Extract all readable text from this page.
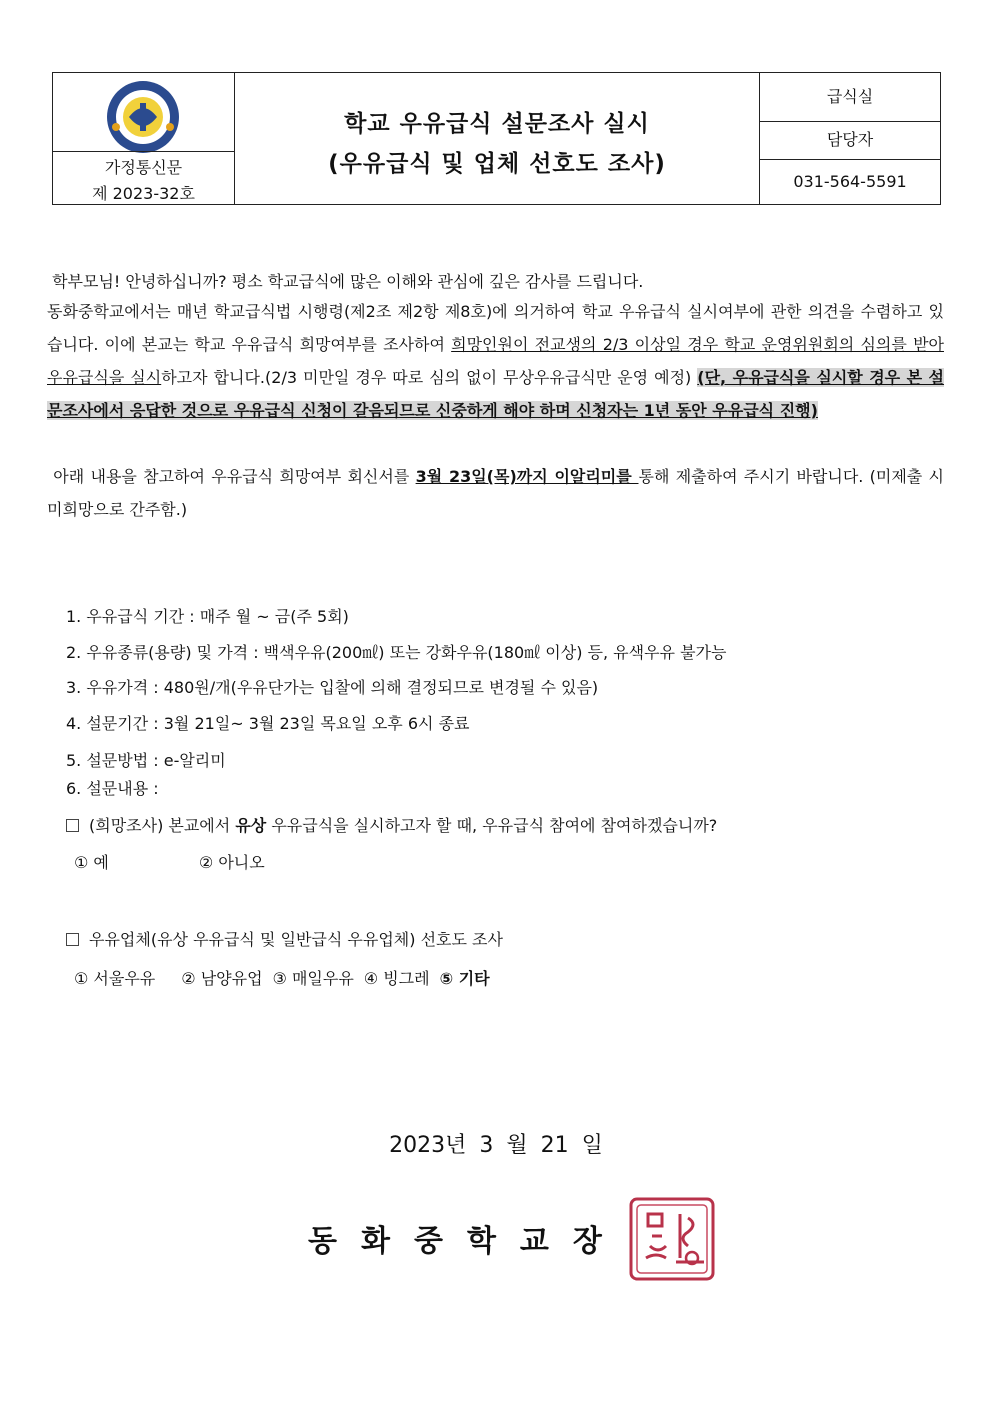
가정통신문
제 2023-32호
학교 우유급식 설문조사 실시
(우유급식 및 업체 선호도 조사)
급식실
담당자
031-564-5591
학부모님! 안녕하십니까? 평소 학교급식에 많은 이해와 관심에 깊은 감사를 드립니다.
동화중학교에서는 매년 학교급식법 시행령(제2조 제2항 제8호)에 의거하여 학교 우유급식 실시여부에 관한 의견을 수렴하고 있습니다. 이에 본교는 학교 우유급식 희망여부를 조사하여 희망인원이 전교생의 2/3 이상일 경우 학교 운영위원회의 심의를 받아 우유급식을 실시하고자 합니다.(2/3 미만일 경우 따로 심의 없이 무상우유급식만 운영 예정) (단, 우유급식을 실시할 경우 본 설문조사에서 응답한 것으로 우유급식 신청이 갈음되므로 신중하게 해야 하며 신청자는 1년 동안 우유급식 진행)
아래 내용을 참고하여 우유급식 희망여부 회신서를 3월 23일(목)까지 이알리미를 통해 제출하여 주시기 바랍니다. (미제출 시 미희망으로 간주함.)
1. 우유급식 기간 : 매주 월 ~ 금(주 5회)
2. 우유종류(용량) 및 가격 : 백색우유(200㎖) 또는 강화우유(180㎖ 이상) 등, 유색우유 불가능
3. 우유가격 : 480원/개(우유단가는 입찰에 의해 결정되므로 변경될 수 있음)
4. 설문기간 : 3월 21일~ 3월 23일 목요일 오후 6시 종료
5. 설문방법 : e-알리미
6. 설문내용 :
(희망조사) 본교에서 유상 우유급식을 실시하고자 할 때, 우유급식 참여에 참여하겠습니까?
① 예	② 아니오
우유업체(유상 우유급식 및 일반급식 우유업체) 선호도 조사
① 서울우유 ② 남양유업 ③ 매일우유 ④ 빙그레 ⑤ 기타
2023년 3 월 21 일
동화중학교장
